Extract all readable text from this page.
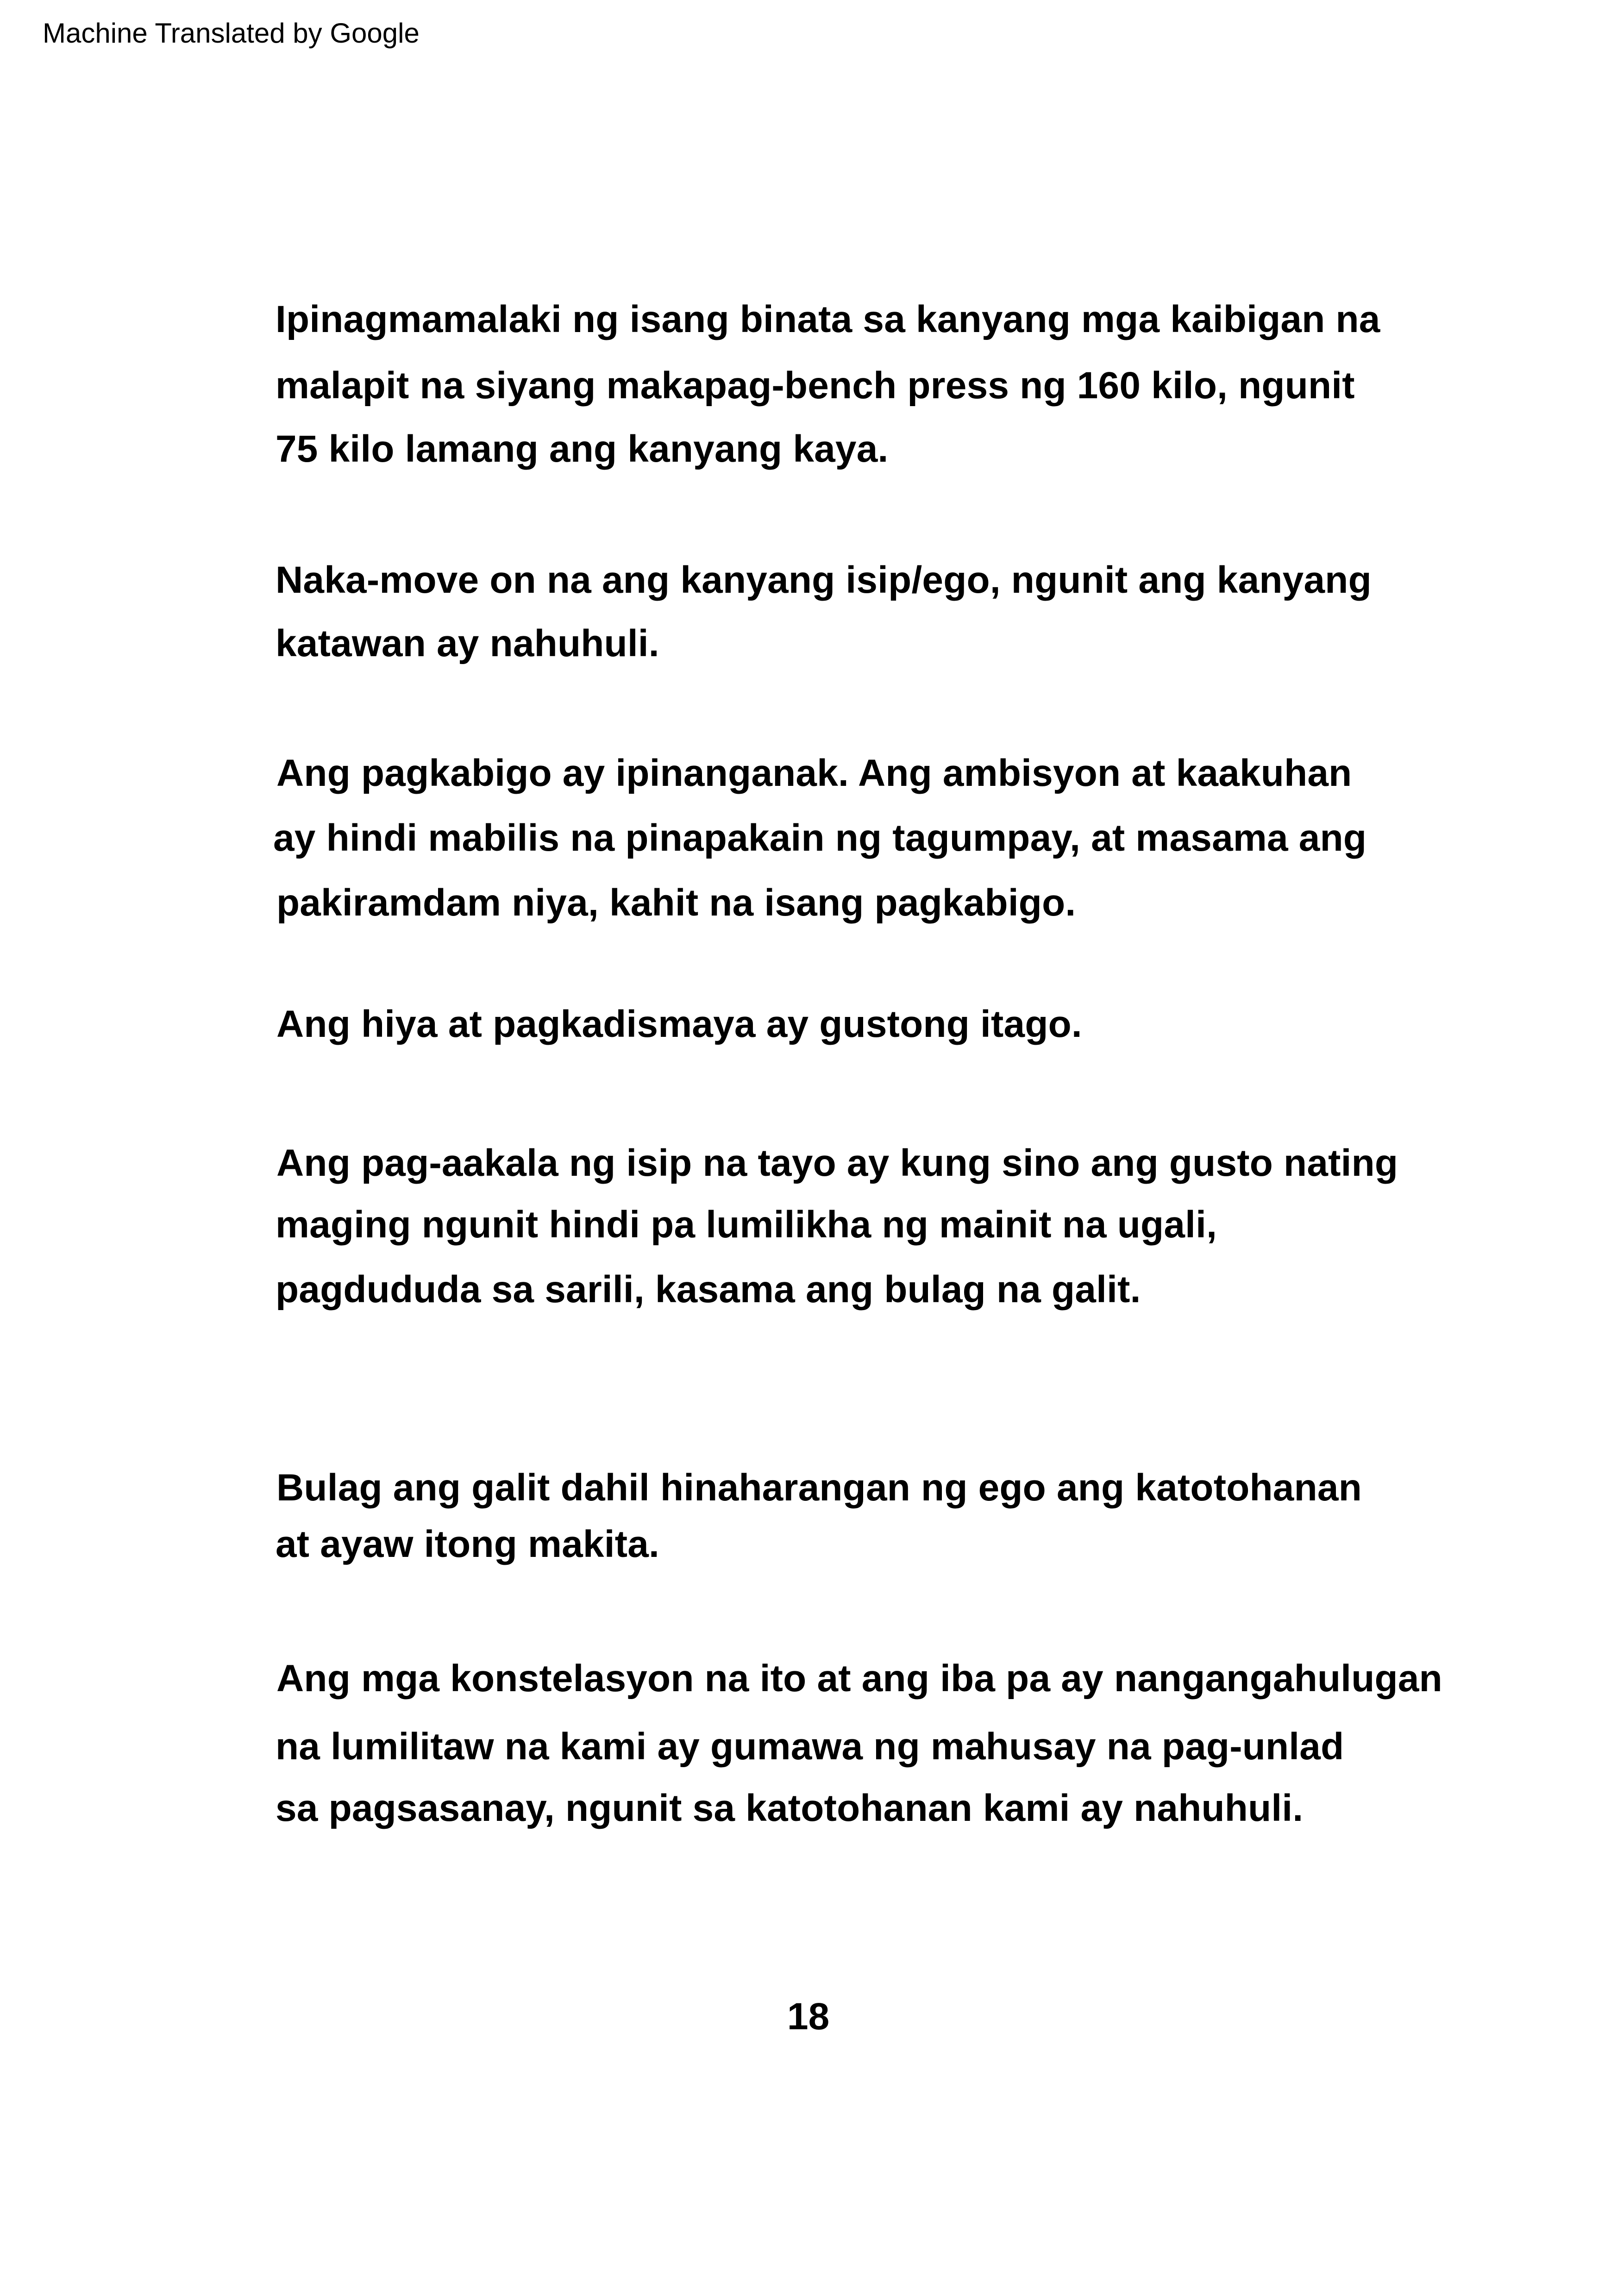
Machine Translated by Google
Ipinagmamalaki ng isang binata sa kanyang mga kaibigan na
malapit na siyang makapag-bench press ng 160 kilo, ngunit
75 kilo lamang ang kanyang kaya.
Naka-move on na ang kanyang isip/ego, ngunit ang kanyang
katawan ay nahuhuli.
Ang pagkabigo ay ipinanganak. Ang ambisyon at kaakuhan
ay hindi mabilis na pinapakain ng tagumpay, at masama ang
pakiramdam niya, kahit na isang pagkabigo.
Ang hiya at pagkadismaya ay gustong itago.
Ang pag-aakala ng isip na tayo ay kung sino ang gusto nating
maging ngunit hindi pa lumilikha ng mainit na ugali,
pagdududa sa sarili, kasama ang bulag na galit.
Bulag ang galit dahil hinaharangan ng ego ang katotohanan
at ayaw itong makita.
Ang mga konstelasyon na ito at ang iba pa ay nangangahulugan
na lumilitaw na kami ay gumawa ng mahusay na pag-unlad
sa pagsasanay, ngunit sa katotohanan kami ay nahuhuli.
18
